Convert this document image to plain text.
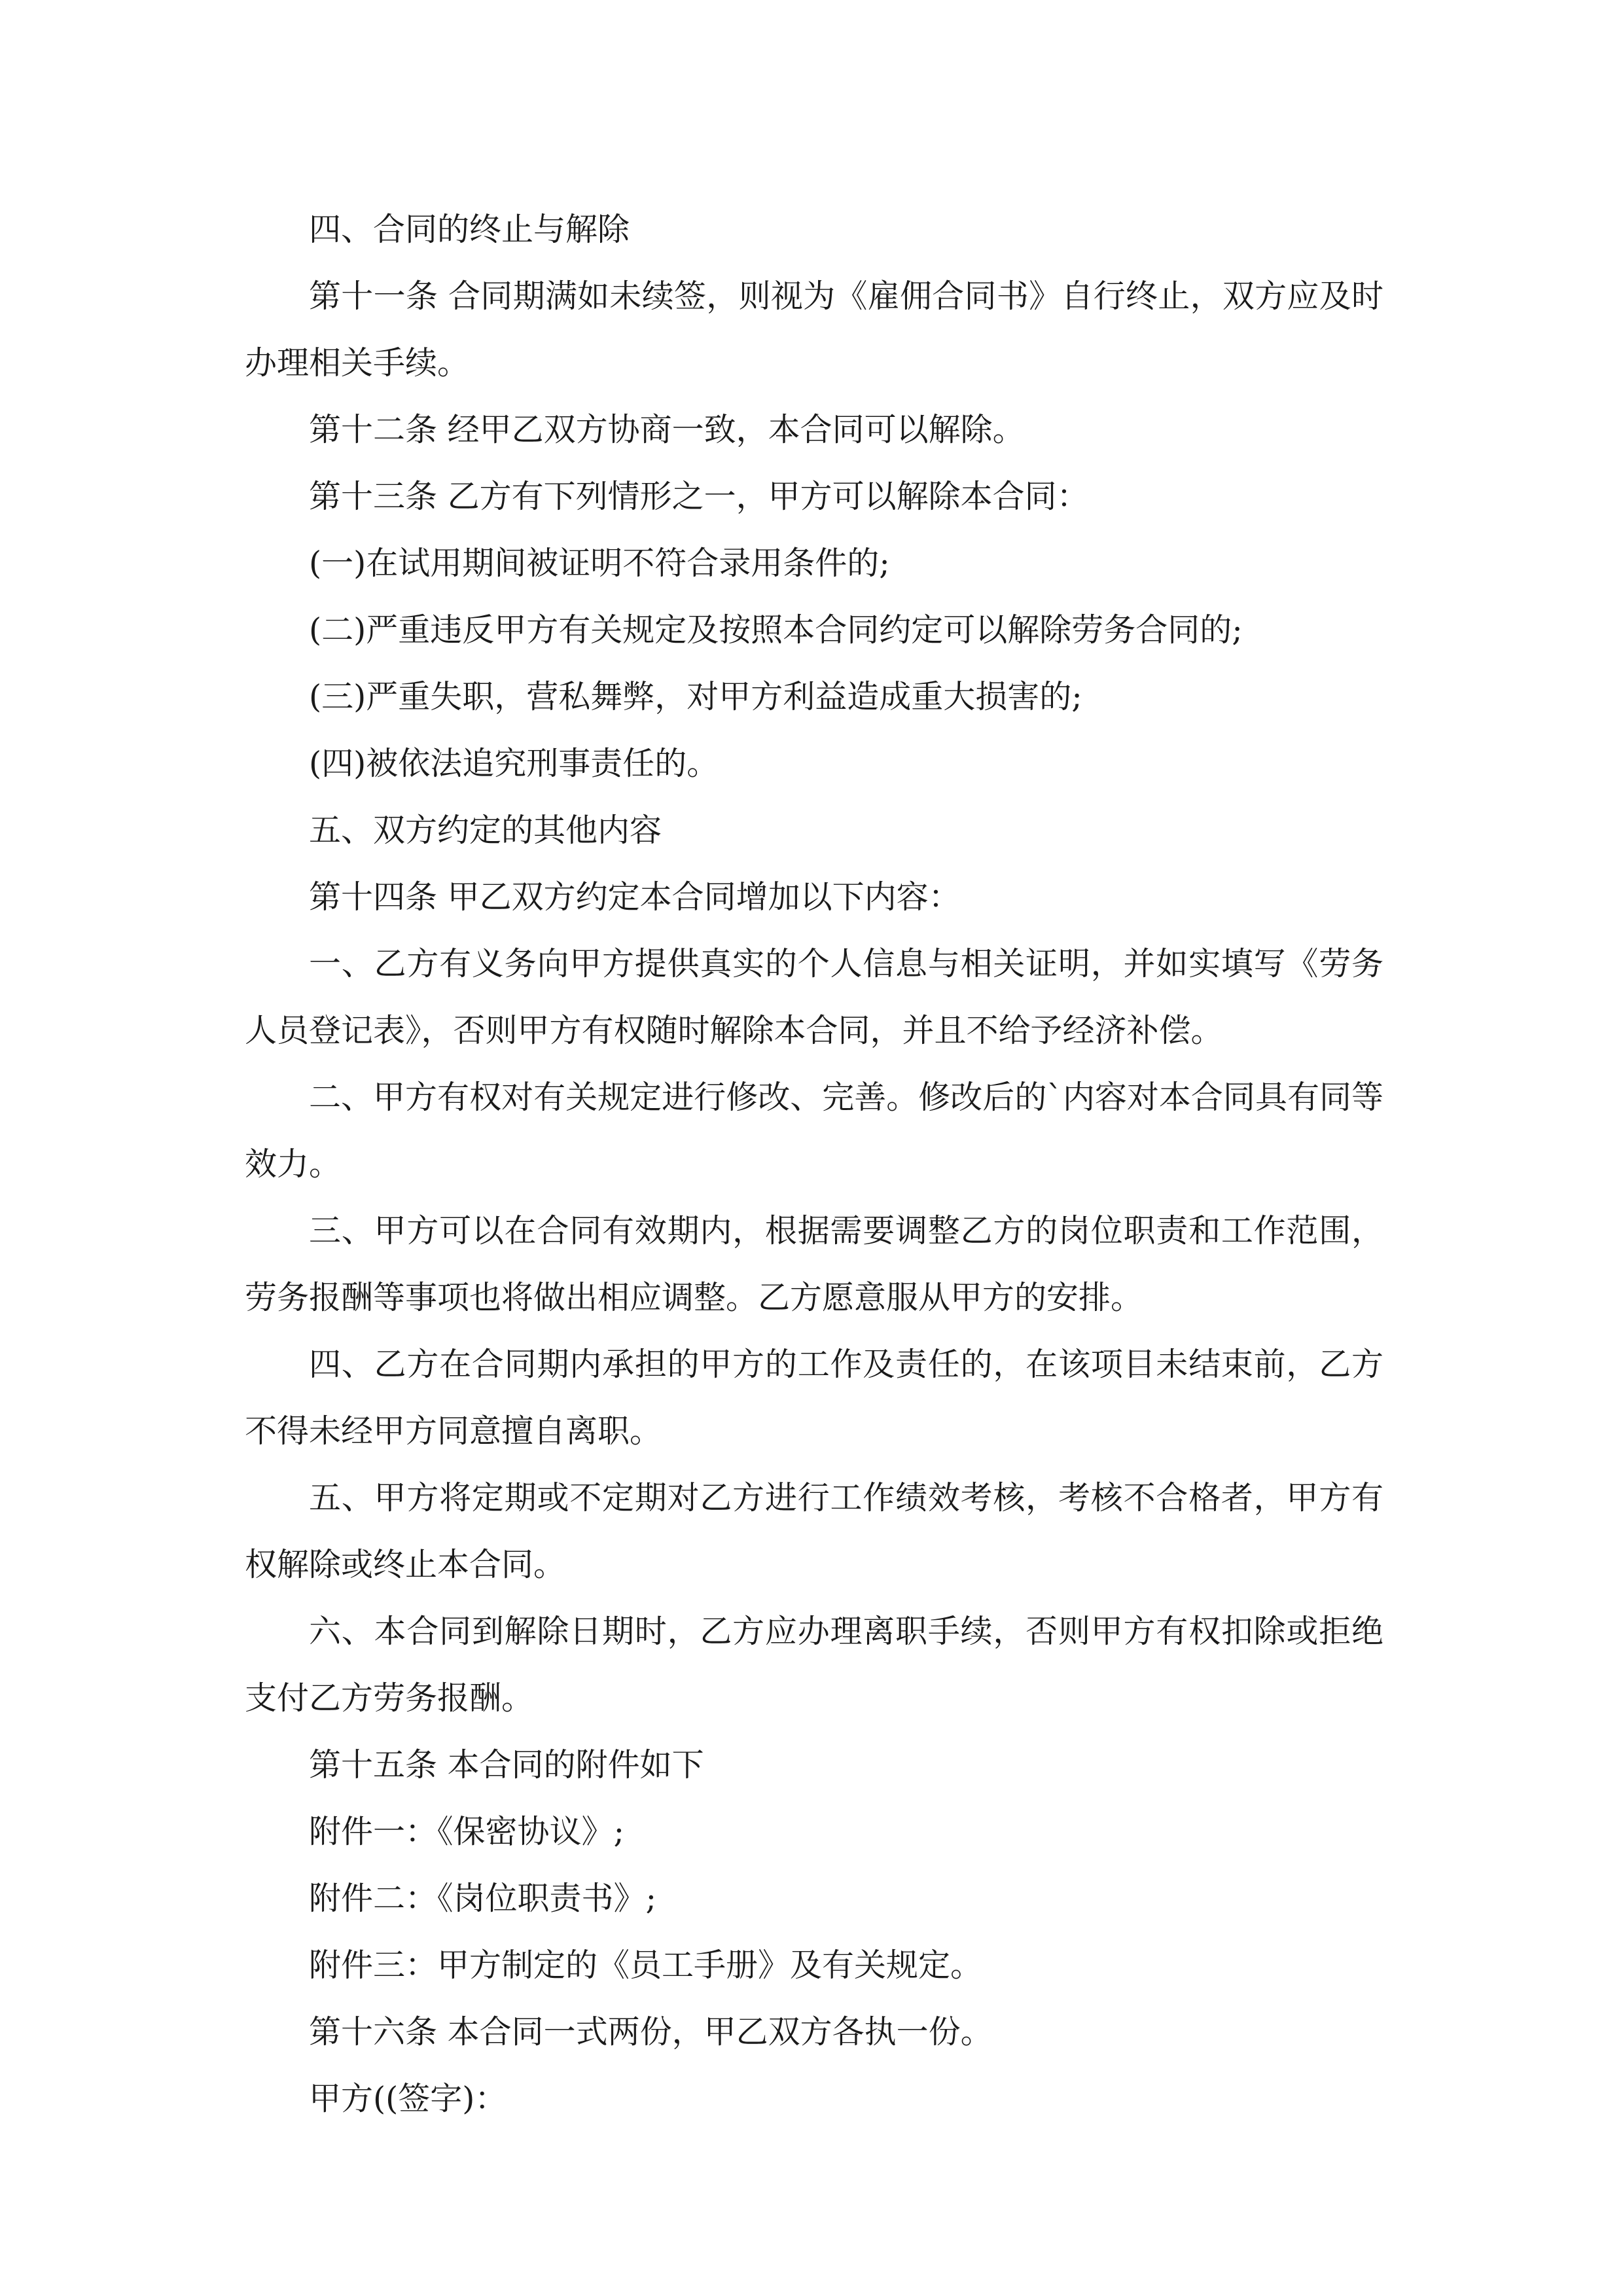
四、合同的终止与解除

第十一条 合同期满如未续签，则视为《雇佣合同书》自行终止，双方应及时办理相关手续。

第十二条 经甲乙双方协商一致，本合同可以解除。

第十三条 乙方有下列情形之一，甲方可以解除本合同：

(一)在试用期间被证明不符合录用条件的;

(二)严重违反甲方有关规定及按照本合同约定可以解除劳务合同的;

(三)严重失职，营私舞弊，对甲方利益造成重大损害的;

(四)被依法追究刑事责任的。

五、双方约定的其他内容

第十四条 甲乙双方约定本合同增加以下内容：

一、乙方有义务向甲方提供真实的个人信息与相关证明，并如实填写《劳务人员登记表》，否则甲方有权随时解除本合同，并且不给予经济补偿。

二、甲方有权对有关规定进行修改、完善。修改后的`内容对本合同具有同等效力。

三、甲方可以在合同有效期内，根据需要调整乙方的岗位职责和工作范围，劳务报酬等事项也将做出相应调整。乙方愿意服从甲方的安排。

四、乙方在合同期内承担的甲方的工作及责任的，在该项目未结束前，乙方不得未经甲方同意擅自离职。

五、甲方将定期或不定期对乙方进行工作绩效考核，考核不合格者，甲方有权解除或终止本合同。

六、本合同到解除日期时，乙方应办理离职手续，否则甲方有权扣除或拒绝支付乙方劳务报酬。

第十五条 本合同的附件如下

附件一：《保密协议》;

附件二：《岗位职责书》;

附件三：甲方制定的《员工手册》及有关规定。

第十六条 本合同一式两份，甲乙双方各执一份。

甲方((签字)：
